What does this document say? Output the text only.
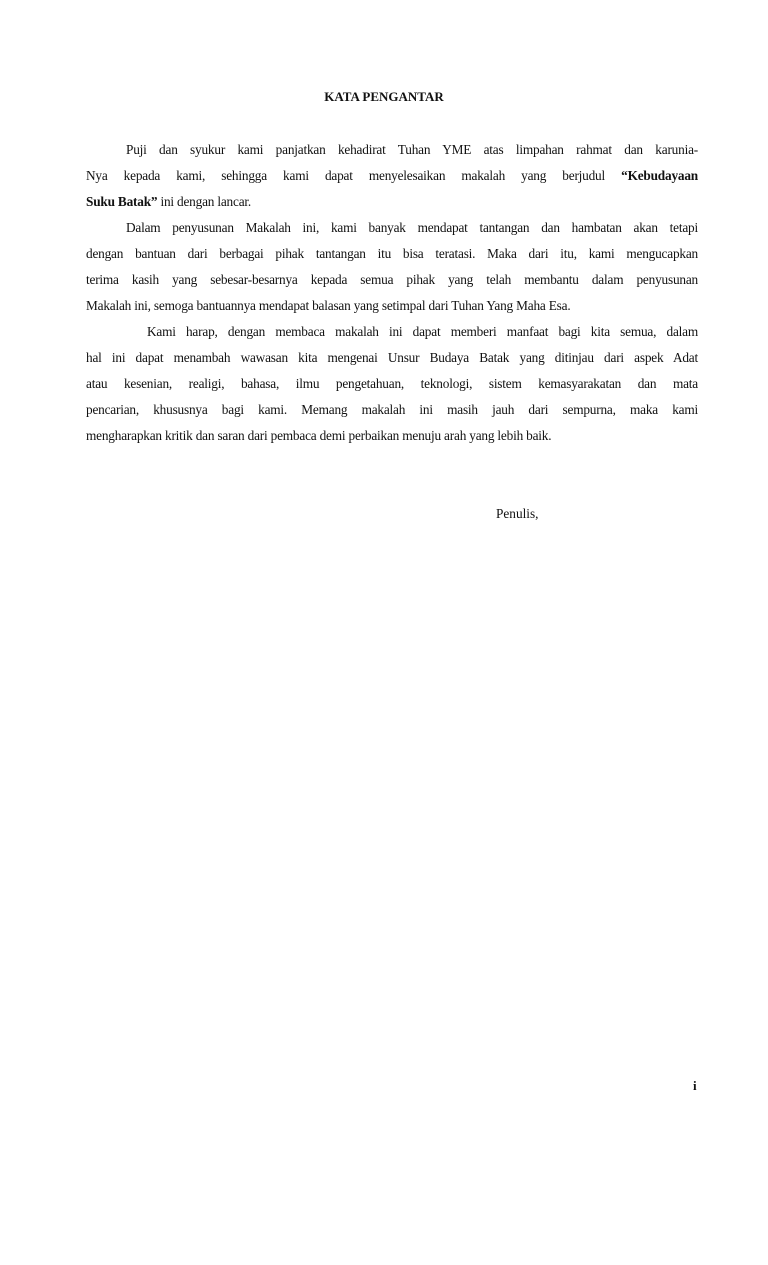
KATA PENGANTAR
Puji dan syukur kami panjatkan kehadirat Tuhan YME atas limpahan rahmat dan karunia-
Nya kepada kami, sehingga kami dapat menyelesaikan makalah yang berjudul “Kebudayaan
Suku Batak” ini dengan lancar.
Dalam penyusunan Makalah ini, kami banyak mendapat tantangan dan hambatan akan tetapi
dengan bantuan dari berbagai pihak tantangan itu bisa teratasi. Maka dari itu, kami mengucapkan
terima kasih yang sebesar-besarnya kepada semua pihak yang telah membantu dalam penyusunan
Makalah ini, semoga bantuannya mendapat balasan yang setimpal dari Tuhan Yang Maha Esa.
Kami harap, dengan membaca makalah ini dapat memberi manfaat bagi kita semua, dalam
hal ini dapat menambah wawasan kita mengenai Unsur Budaya Batak yang ditinjau dari aspek Adat
atau kesenian, realigi, bahasa, ilmu pengetahuan, teknologi, sistem kemasyarakatan dan mata
pencarian, khususnya bagi kami. Memang makalah ini masih jauh dari sempurna, maka kami
mengharapkan kritik dan saran dari pembaca demi perbaikan menuju arah yang lebih baik.
Penulis,
i
